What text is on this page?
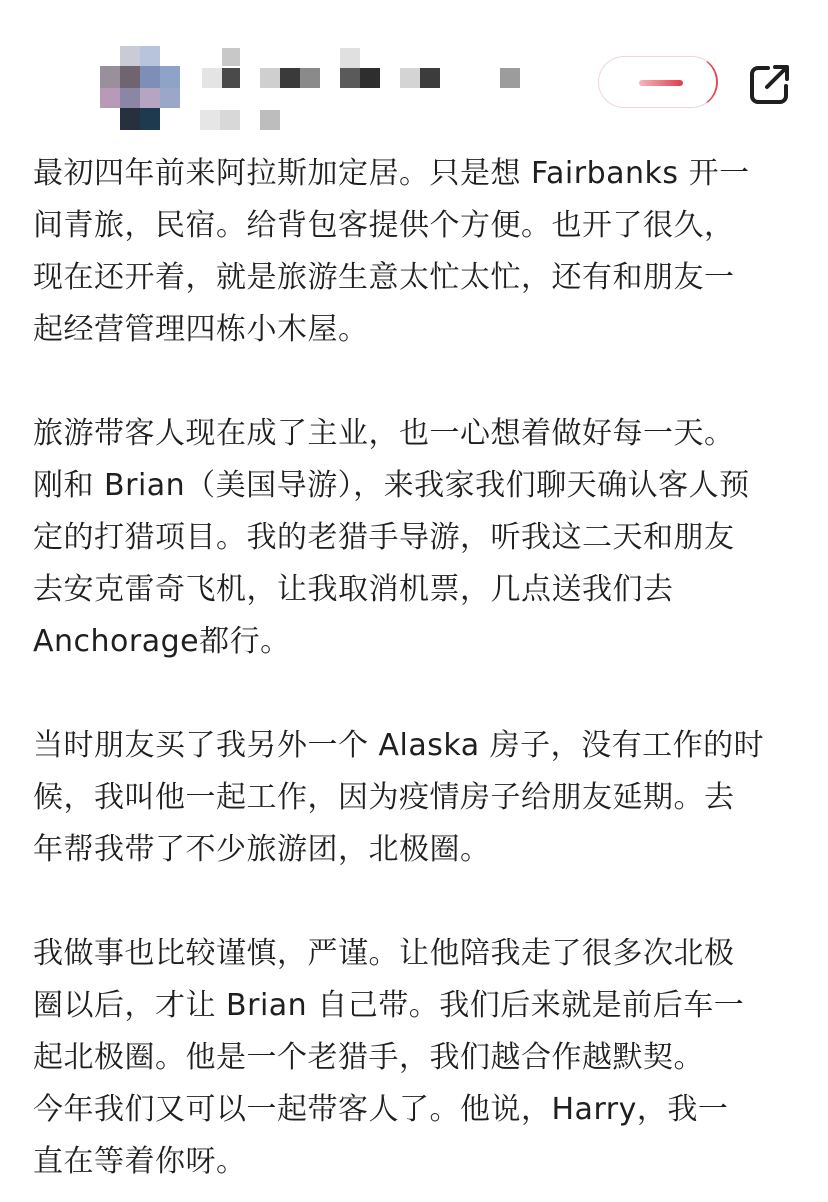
最初四年前来阿拉斯加定居。只是想 Fairbanks 开一
间青旅，民宿。给背包客提供个方便。也开了很久，
现在还开着，就是旅游生意太忙太忙，还有和朋友一
起经营管理四栋小木屋。

旅游带客人现在成了主业，也一心想着做好每一天。
刚和 Brian（美国导游），来我家我们聊天确认客人预
定的打猎项目。我的老猎手导游，听我这二天和朋友
去安克雷奇飞机，让我取消机票，几点送我们去
Anchorage都行。

当时朋友买了我另外一个 Alaska 房子，没有工作的时
候，我叫他一起工作，因为疫情房子给朋友延期。去
年帮我带了不少旅游团，北极圈。

我做事也比较谨慎，严谨。让他陪我走了很多次北极
圈以后，才让 Brian 自己带。我们后来就是前后车一
起北极圈。他是一个老猎手，我们越合作越默契。
今年我们又可以一起带客人了。他说，Harry，我一
直在等着你呀。
